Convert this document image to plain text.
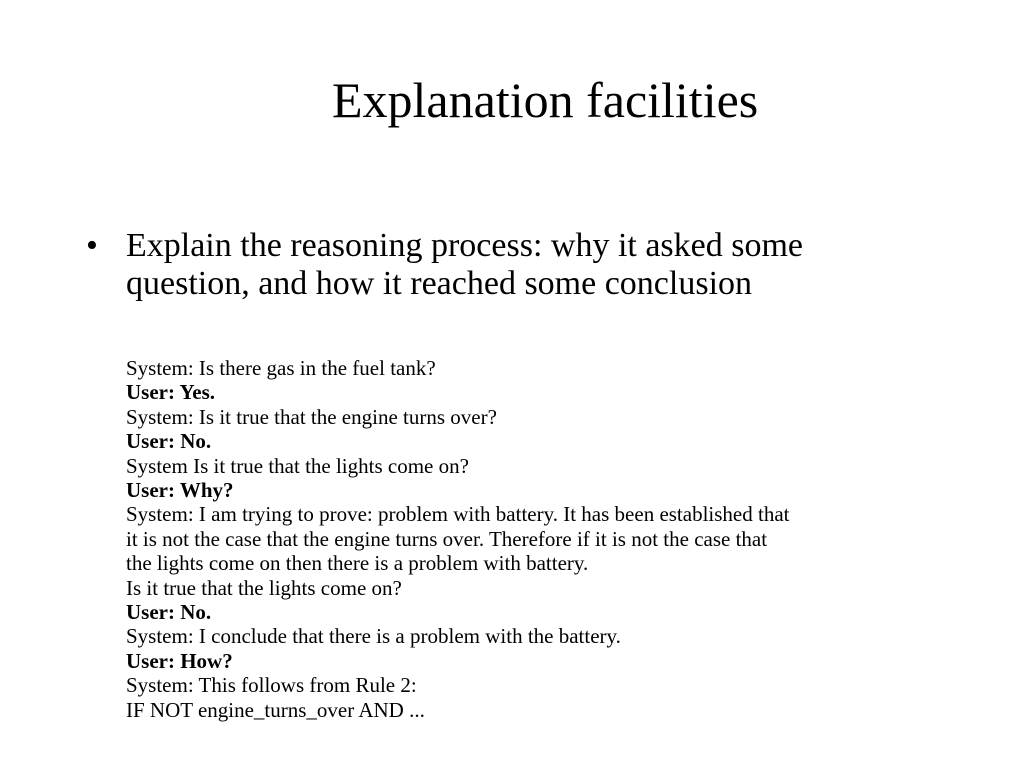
Explanation facilities
• Explain the reasoning process: why it asked some question, and how it reached some conclusion
System: Is there gas in the fuel tank?
User: Yes.
System: Is it true that the engine turns over?
User: No.
System Is it true that the lights come on?
User: Why?
System: I am trying to prove: problem with battery. It has been established that
it is not the case that the engine turns over. Therefore if it is not the case that
the lights come on then there is a problem with battery.
Is it true that the lights come on?
User: No.
System: I conclude that there is a problem with the battery.
User: How?
System: This follows from Rule 2:
IF NOT engine_turns_over AND ...
